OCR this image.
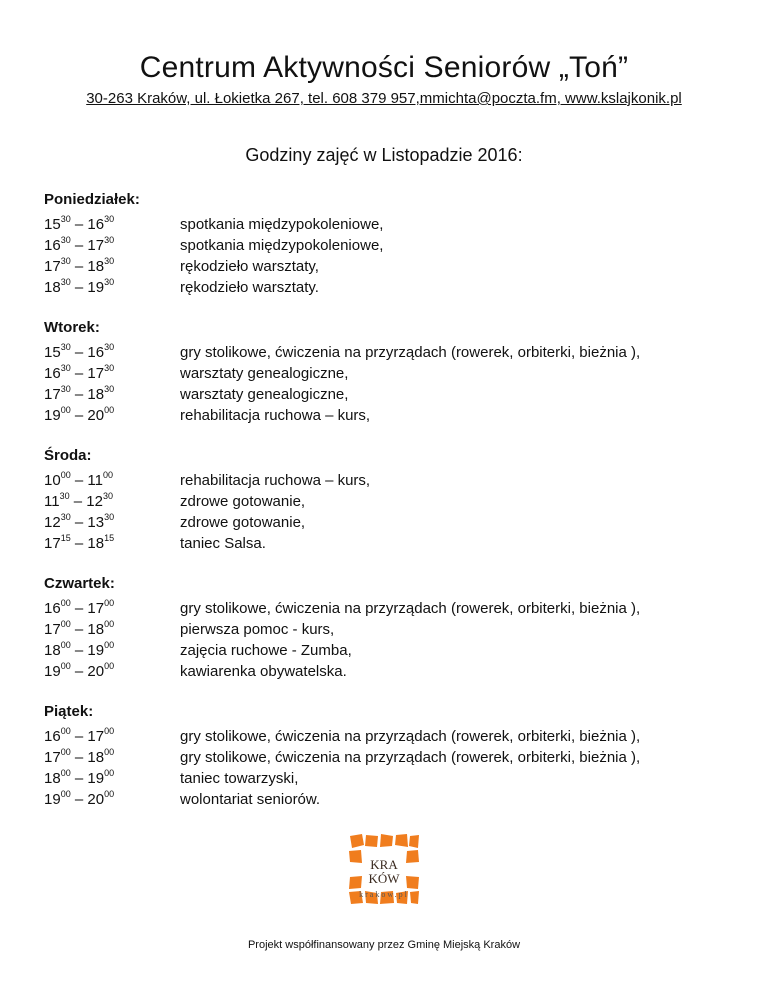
Centrum Aktywności Seniorów „Toń”
30-263 Kraków, ul. Łokietka 267, tel. 608 379 957,mmichta@poczta.fm, www.kslajkonik.pl
Godziny zajęć w Listopadzie 2016:
Poniedziałek:
$15^{30} - 16^{30}$	spotkania międzypokoleniowe,
$16^{30} - 17^{30}$	spotkania międzypokoleniowe,
$17^{30} - 18^{30}$	rękodzieło warsztaty,
$18^{30} - 19^{30}$	rękodzieło warsztaty.
Wtorek:
$15^{30} - 16^{30}$	gry stolikowe, ćwiczenia na przyrządach (rowerek, orbiterki, bieżnia ),
$16^{30} - 17^{30}$	warsztaty genealogiczne,
$17^{30} - 18^{30}$	warsztaty genealogiczne,
$19^{00} - 20^{00}$	rehabilitacja ruchowa – kurs,
Środa:
$10^{00} - 11^{00}$	rehabilitacja ruchowa – kurs,
$11^{30} - 12^{30}$	zdrowe gotowanie,
$12^{30} - 13^{30}$	zdrowe gotowanie,
$17^{15} - 18^{15}$	taniec Salsa.
Czwartek:
$16^{00} - 17^{00}$	gry stolikowe, ćwiczenia na przyrządach (rowerek, orbiterki, bieżnia ),
$17^{00} - 18^{00}$	pierwsza pomoc - kurs,
$18^{00} - 19^{00}$	zajęcia ruchowe - Zumba,
$19^{00} - 20^{00}$	kawiarenka obywatelska.
Piątek:
$16^{00} - 17^{00}$	gry stolikowe, ćwiczenia na przyrządach (rowerek, orbiterki, bieżnia ),
$17^{00} - 18^{00}$	gry stolikowe, ćwiczenia na przyrządach (rowerek, orbiterki, bieżnia ),
$18^{00} - 19^{00}$	taniec towarzyski,
$19^{00} - 20^{00}$	wolontariat seniorów.
KRA
KÓW
krakow.pl
Projekt współfinansowany przez Gminę Miejską Kraków
